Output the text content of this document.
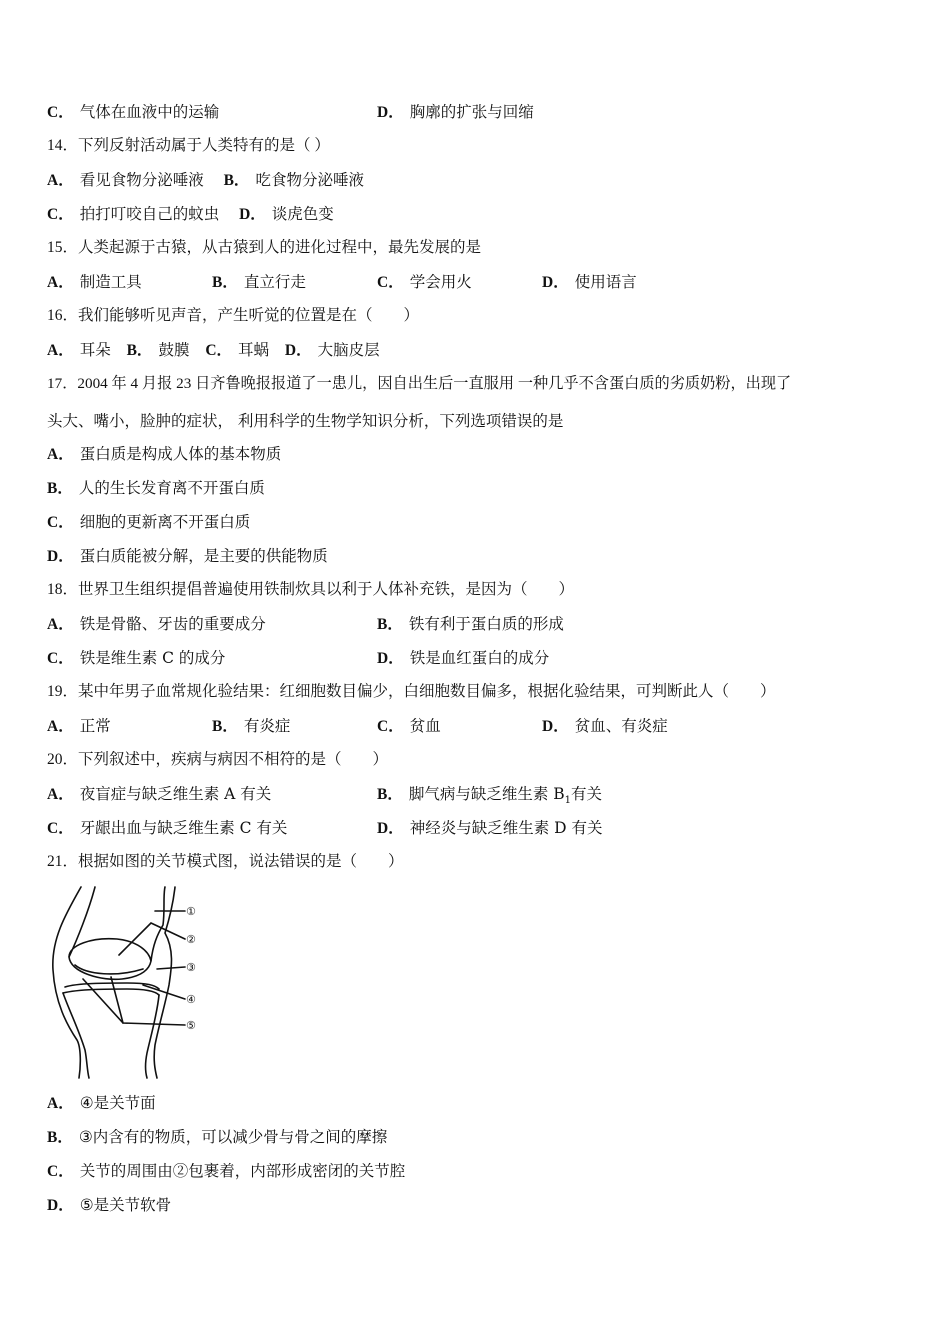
C． 气体在血液中的运输	D． 胸廓的扩张与回缩
14．下列反射活动属于人类特有的是（ ）
A． 看见食物分泌唾液 B． 吃食物分泌唾液
C． 拍打叮咬自己的蚊虫 D． 谈虎色变
15．人类起源于古猿，从古猿到人的进化过程中，最先发展的是
A． 制造工具	B． 直立行走	C． 学会用火	D． 使用语言
16．我们能够听见声音，产生听觉的位置是在（　　）
A． 耳朵 B． 鼓膜 C． 耳蜗 D． 大脑皮层
17．2004 年 4 月报 23 日齐鲁晚报报道了一患儿，因自出生后一直服用 一种几乎不含蛋白质的劣质奶粉，出现了
头大、嘴小，脸肿的症状， 利用科学的生物学知识分析，下列选项错误的是
A． 蛋白质是构成人体的基本物质
B． 人的生长发育离不开蛋白质
C． 细胞的更新离不开蛋白质
D． 蛋白质能被分解，是主要的供能物质
18．世界卫生组织提倡普遍使用铁制炊具以利于人体补充铁，是因为（　　）
A． 铁是骨骼、牙齿的重要成分	B． 铁有利于蛋白质的形成
C． 铁是维生素 C 的成分	D． 铁是血红蛋白的成分
19．某中年男子血常规化验结果：红细胞数目偏少，白细胞数目偏多，根据化验结果，可判断此人（　　）
A． 正常	B． 有炎症	C． 贫血	D． 贫血、有炎症
20．下列叙述中，疾病与病因不相符的是（　　）
A． 夜盲症与缺乏维生素 A 有关	B． 脚气病与缺乏维生素 $B_1$有关
C． 牙龈出血与缺乏维生素 C 有关	D． 神经炎与缺乏维生素 D 有关
21．根据如图的关节模式图，说法错误的是（　　）
①
②
③
④
⑤
A． ④是关节面
B． ③内含有的物质，可以减少骨与骨之间的摩擦
C． 关节的周围由②包裹着，内部形成密闭的关节腔
D． ⑤是关节软骨
